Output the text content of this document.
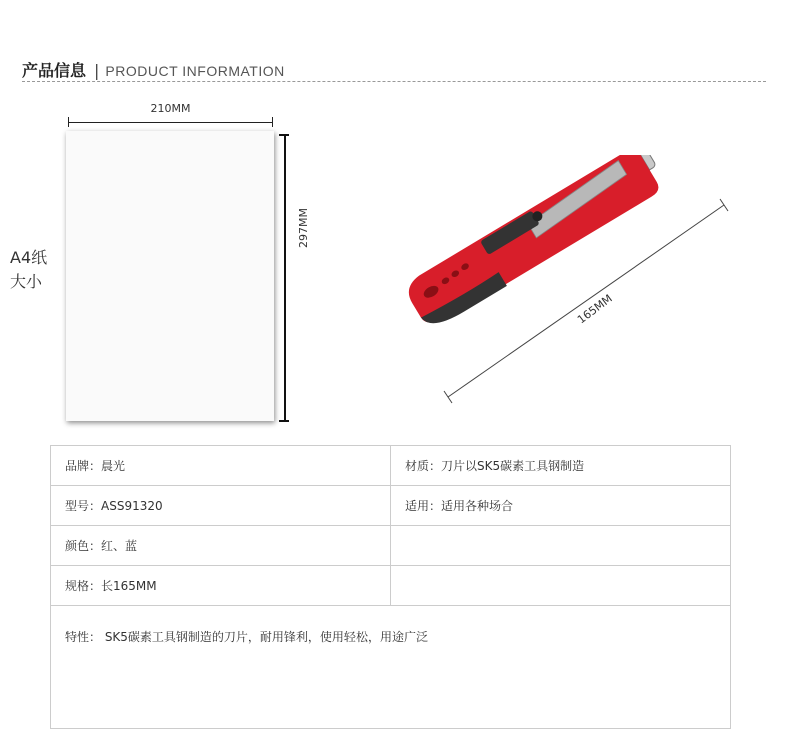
产品信息 | PRODUCT INFORMATION
210MM
297MM
A4纸
大小
165MM
品牌：晨光	材质：刀片以SK5碳素工具钢制造
型号：ASS91320	适用：适用各种场合
颜色：红、蓝	
规格：长165MM	
特性： SK5碳素工具钢制造的刀片，耐用锋利，使用轻松，用途广泛	
